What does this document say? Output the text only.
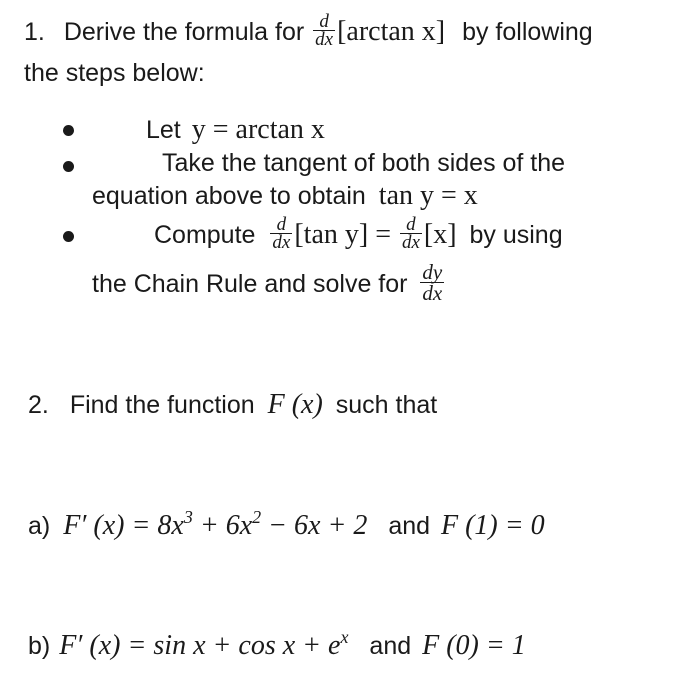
1. Derive the formula for $\frac{d}{dx} [\arctan$ x] by following
the steps below:
Let y = arctan x
Take the tangent of both sides of the
equation above to obtain tan y = x
Compute $\frac{d}{dx} [\tan$ $y] = \frac{d}{dx} [x]$ by using
the Chain Rule and solve for $\frac{dy}{dx}$
2. Find the function F (x) such that
a) F′ $(x) = 8x^3 + 6x^2 - 6x + 2$ and F (1) = 0
b) F′ $(x) = \sin x + \cos x + e^x$ and F (0) = 1
